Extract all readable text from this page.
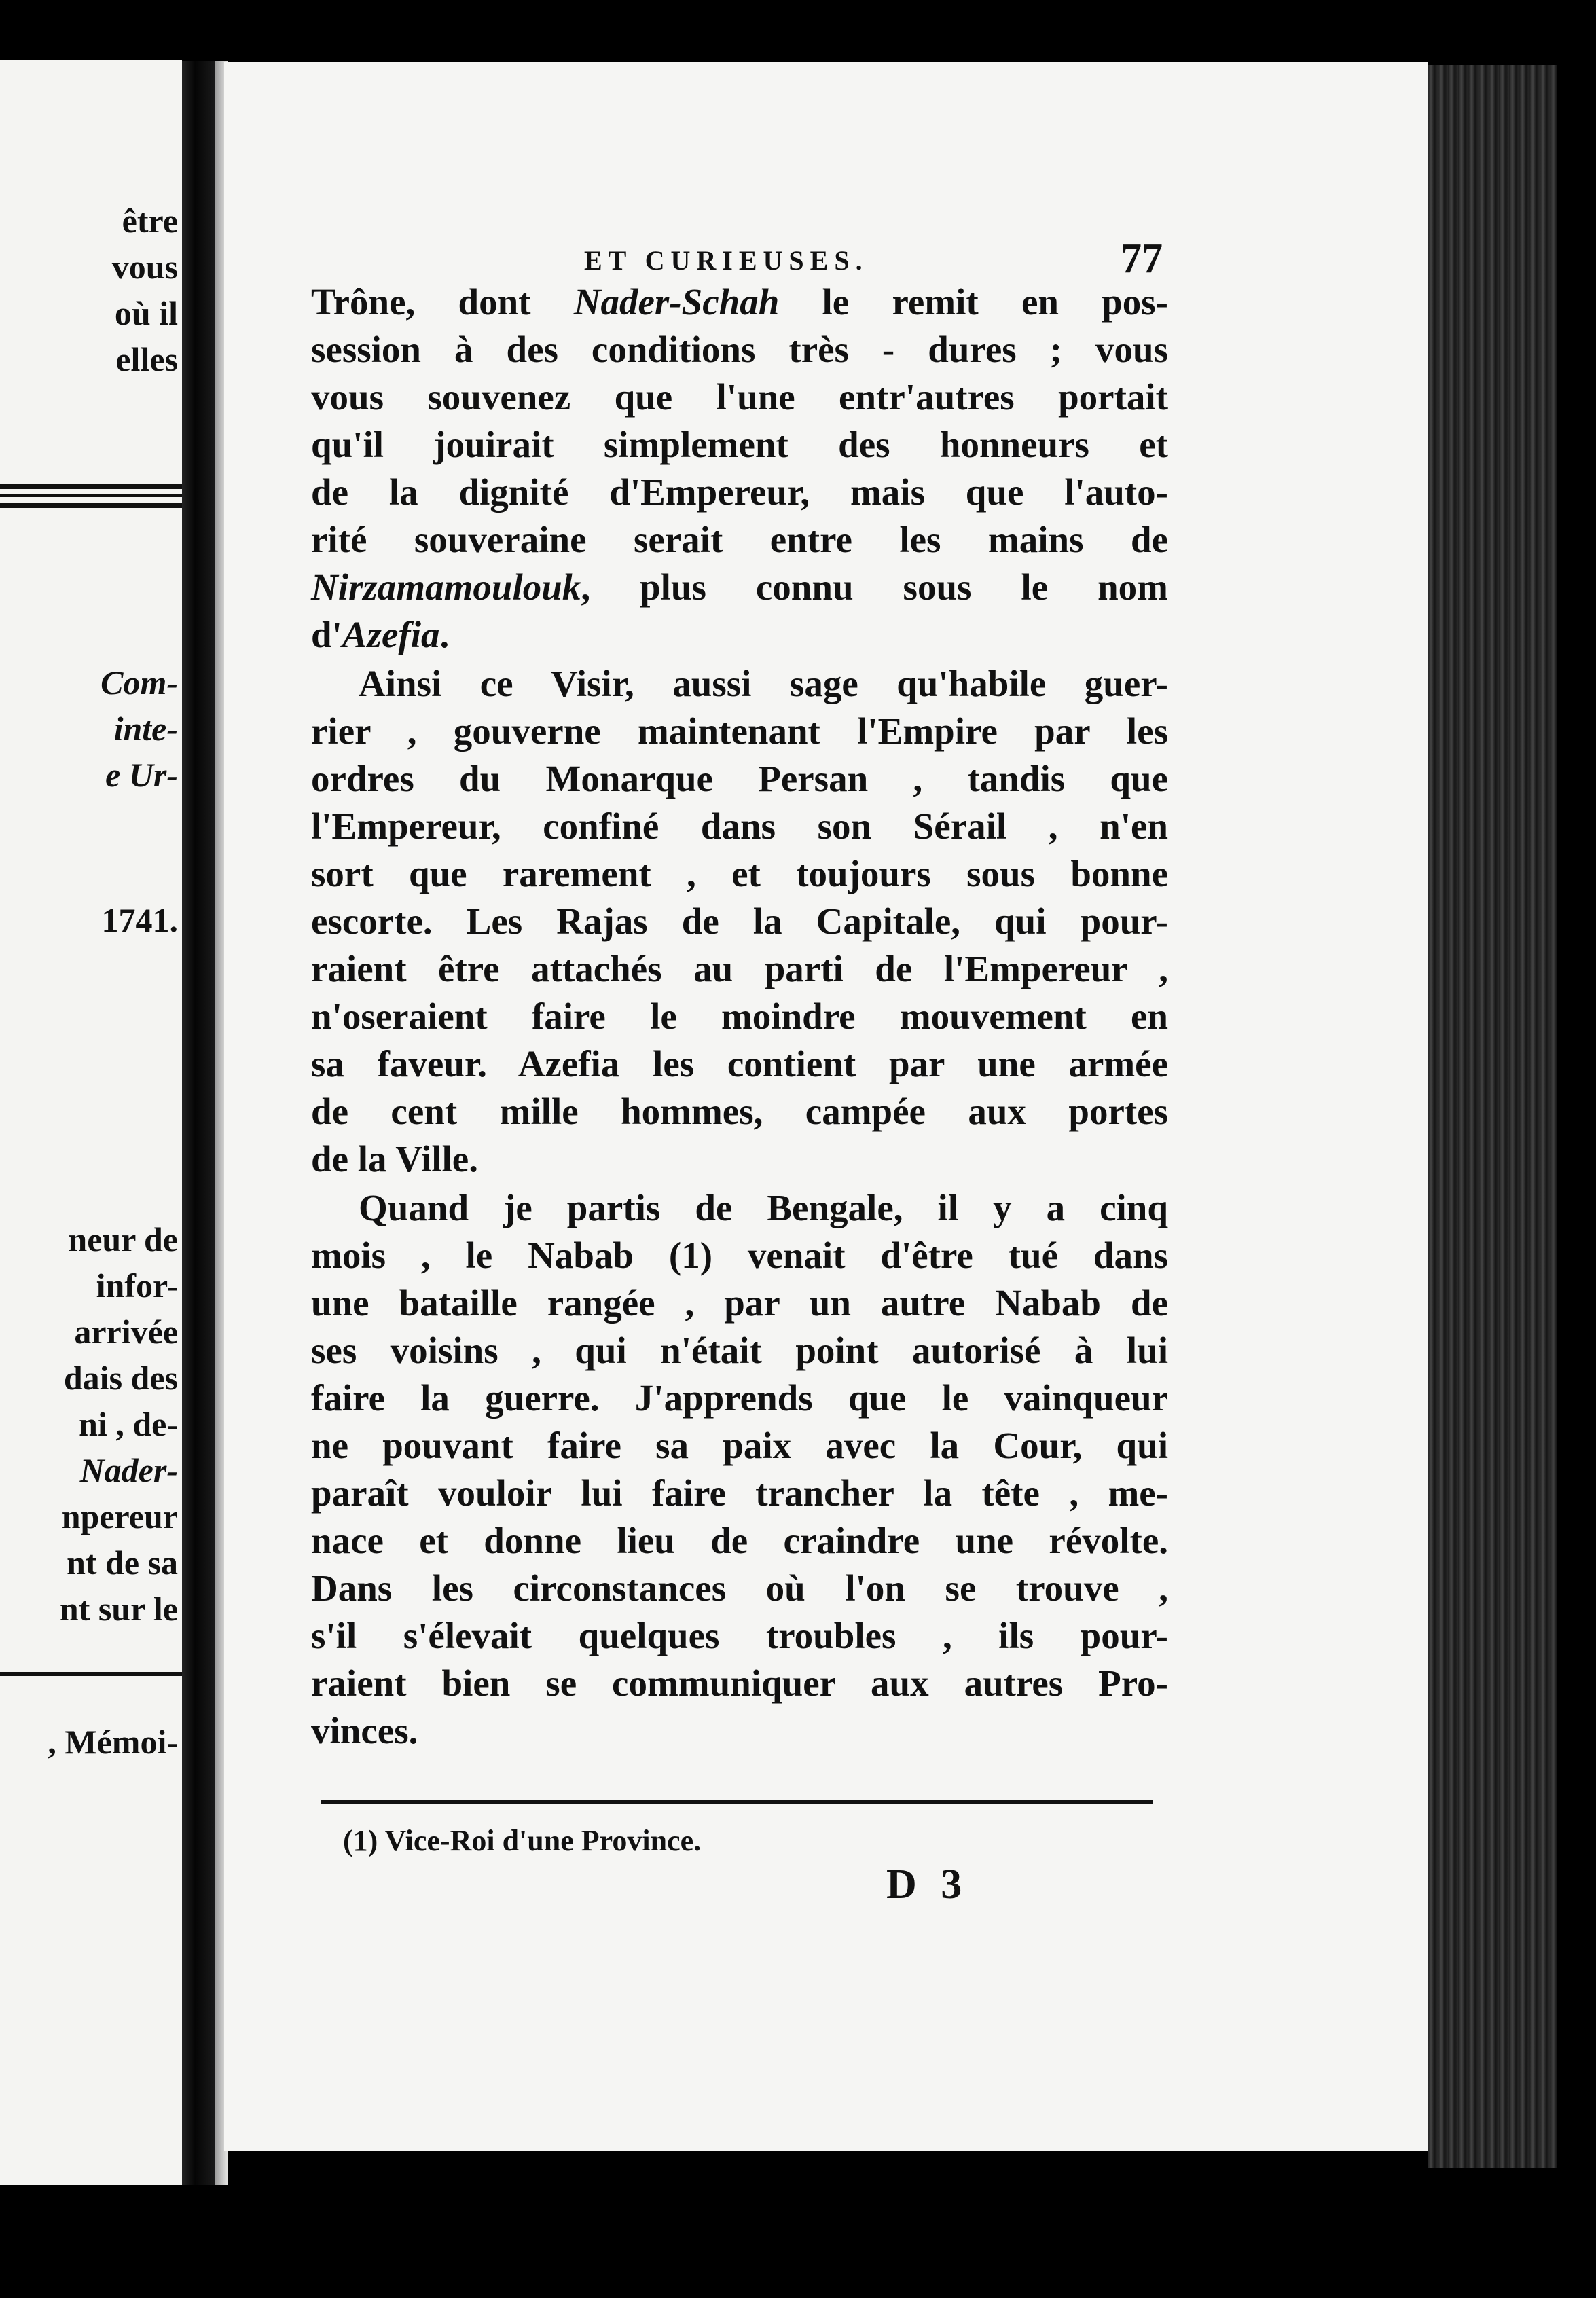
être
vous
où il
elles
Com-
inte-
e Ur-
1741.
neur de
infor-
arrivée
dais des
ni , de-
Nader-
npereur
nt de sa
nt sur le
, Mémoi-
ET CURIEUSES.	77
Trône, dont Nader-Schah le remit en pos-
session à des conditions très - dures ; vous
vous souvenez que l'une entr'autres portait
qu'il jouirait simplement des honneurs et
de la dignité d'Empereur, mais que l'auto-
rité souveraine serait entre les mains de
Nirzamamoulouk, plus connu sous le nom
d'Azefia.
Ainsi ce Visir, aussi sage qu'habile guer-
rier , gouverne maintenant l'Empire par les
ordres du Monarque Persan , tandis que
l'Empereur, confiné dans son Sérail , n'en
sort que rarement , et toujours sous bonne
escorte. Les Rajas de la Capitale, qui pour-
raient être attachés au parti de l'Empereur ,
n'oseraient faire le moindre mouvement en
sa faveur. Azefia les contient par une armée
de cent mille hommes, campée aux portes
de la Ville.
Quand je partis de Bengale, il y a cinq
mois , le Nabab (1) venait d'être tué dans
une bataille rangée , par un autre Nabab de
ses voisins , qui n'était point autorisé à lui
faire la guerre. J'apprends que le vainqueur
ne pouvant faire sa paix avec la Cour, qui
paraît vouloir lui faire trancher la tête , me-
nace et donne lieu de craindre une révolte.
Dans les circonstances où l'on se trouve ,
s'il s'élevait quelques troubles , ils pour-
raient bien se communiquer aux autres Pro-
vinces.
(1) Vice-Roi d'une Province.
D 3
